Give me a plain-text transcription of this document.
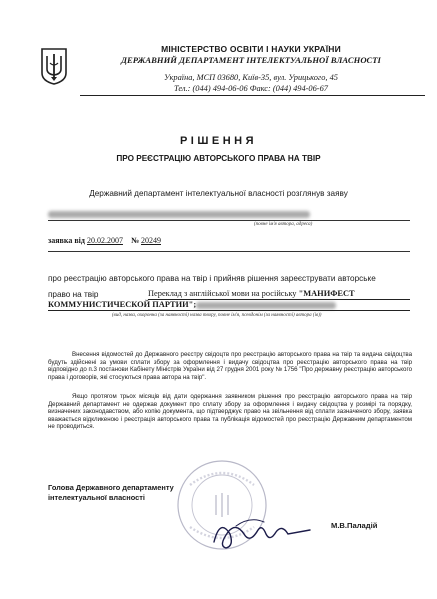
МІНІСТЕРСТВО ОСВІТИ І НАУКИ УКРАЇНИ
ДЕРЖАВНИЙ ДЕПАРТАМЕНТ ІНТЕЛЕКТУАЛЬНОЇ ВЛАСНОСТІ
Україна, МСП 03680, Київ-35, вул. Урицького, 45
Тел.: (044) 494-06-06 Факс: (044) 494-06-67
РІШЕННЯ
ПРО РЕЄСТРАЦІЮ АВТОРСЬКОГО ПРАВА НА ТВІР
Державний департамент інтелектуальної власності розглянув заяву
(повне ім'я автора, адреса)
заявка від 20.02.2007 № 20249
про реєстрацію авторського права на твір і прийняв рішення зареєструвати авторське
право на твір	Переклад з англійської мови на російську "МАНИФЕСТ
КОММУНИСТИЧЕСКОЙ ПАРТИИ";
(вид, назва, охоронна (за наявності) назва твору, повне ім'я, псевдонім (за наявності) автора (ів))

Внесення відомостей до Державного реєстру свідоцтв про реєстрацію авторського права на твір та видача свідоцтва будуть здійснені за умови сплати збору за оформлення і видачу свідоцтва про реєстрацію авторського права на твір відповідно до п.3 постанови Кабінету Міністрів України від 27 грудня 2001 року № 1756 "Про державну реєстрацію авторського права і договорів, які стосуються права автора на твір".

Якщо протягом трьох місяців від дати одержання заявником рішення про реєстрацію авторського права на твір Державний департамент не одержав документ про сплату збору за оформлення і видачу свідоцтва у розмірі та порядку, визначених законодавством, або копію документа, що підтверджує право на звільнення від сплати зазначеного збору, заявка вважається відкликеною і реєстрація авторського права та публікація відомостей про реєстрацію Державним департаментом не проводиться.

Голова Державного департаменту
інтелектуальної власності
М.В.Паладій
